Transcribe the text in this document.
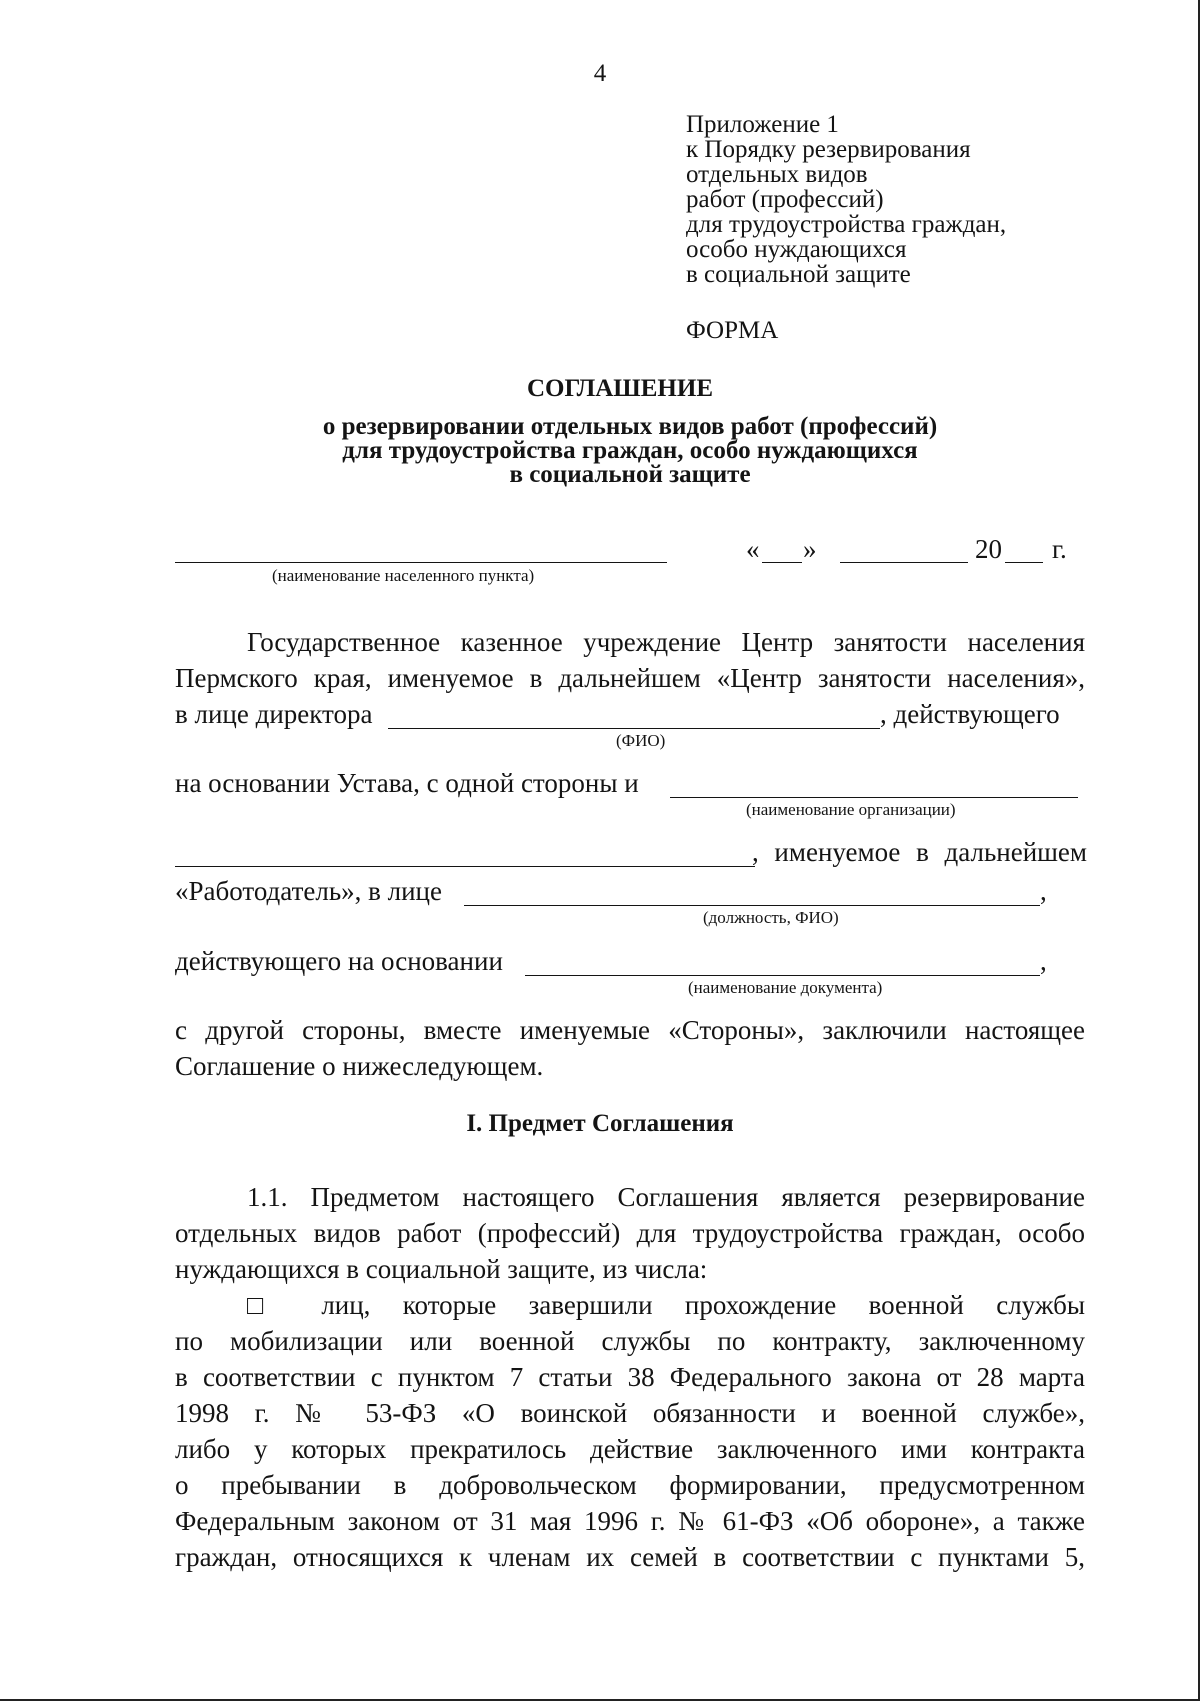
4
Приложение 1
к Порядку резервирования
отдельных видов
работ (профессий)
для трудоустройства граждан,
особо нуждающихся
в социальной защите
ФОРМА
СОГЛАШЕНИЕ
о резервировании отдельных видов работ (профессий)
для трудоустройства граждан, особо нуждающихся
в социальной защите
(наименование населенного пункта)
« »	20 г.

Государственное казенное учреждение Центр занятости населения

Пермского края, именуемое в дальнейшем «Центр занятости населения»,

в лице директора	, действующего
(ФИО)
на основании Устава, с одной стороны и
(наименование организации)
, именуемое в дальнейшем
«Работодатель», в лице	,
(должность, ФИО)
действующего на основании	,
(наименование документа)

с другой стороны, вместе именуемые «Стороны», заключили настоящее

Соглашение о нижеследующем.

I. Предмет Соглашения

1.1. Предметом настоящего Соглашения является резервирование

отдельных видов работ (профессий) для трудоустройства граждан, особо

нуждающихся в социальной защите, из числа:

□ лиц, которые завершили прохождение военной службы

по мобилизации или военной службы по контракту, заключенному

в соответствии с пунктом 7 статьи 38 Федерального закона от 28 марта

1998 г. № 53-ФЗ «О воинской обязанности и военной службе»,

либо у которых прекратилось действие заключенного ими контракта

о пребывании в добровольческом формировании, предусмотренном

Федеральным законом от 31 мая 1996 г. № 61-ФЗ «Об обороне», а также

граждан, относящихся к членам их семей в соответствии с пунктами 5,
